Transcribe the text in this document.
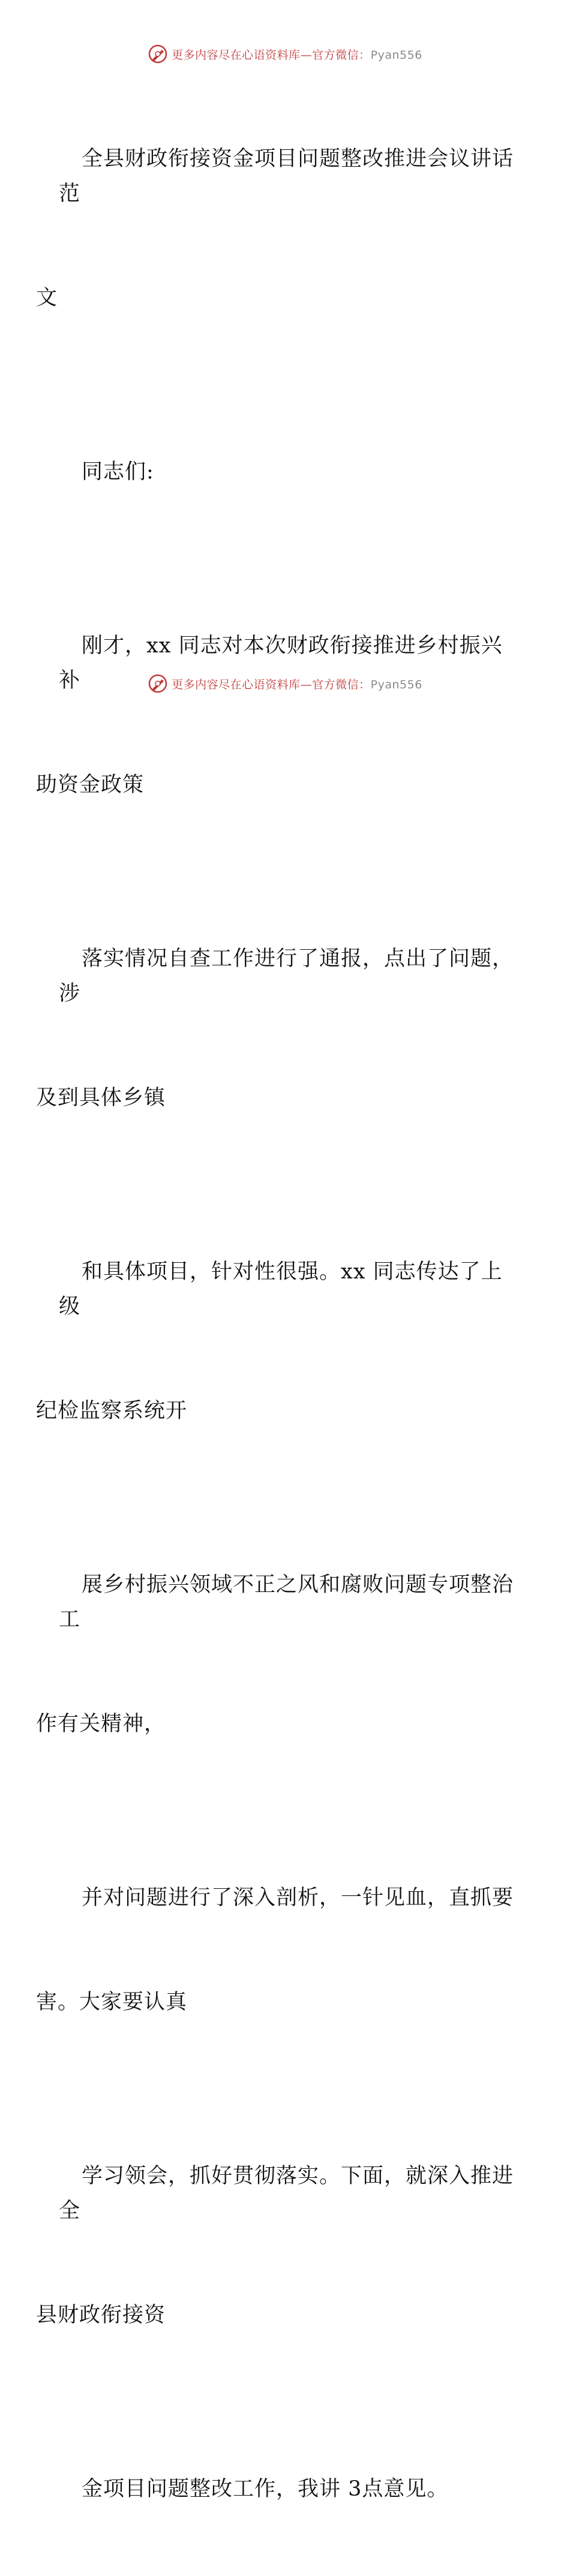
更多内容尽在心语资料库—官方微信：Pyan556

全县财政衔接资金项目问题整改推进会议讲话范

文

同志们:

刚才，xx 同志对本次财政衔接推进乡村振兴补

助资金政策

落实情况自查工作进行了通报，点出了问题，涉

及到具体乡镇

和具体项目，针对性很强。xx 同志传达了上级

纪检监察系统开

展乡村振兴领域不正之风和腐败问题专项整治工

作有关精神，

并对问题进行了深入剖析，一针见血，直抓要

害。大家要认真

学习领会，抓好贯彻落实。下面，就深入推进全

县财政衔接资

金项目问题整改工作，我讲 3点意见。

更多内容尽在心语资料库—官方微信：Pyan556
